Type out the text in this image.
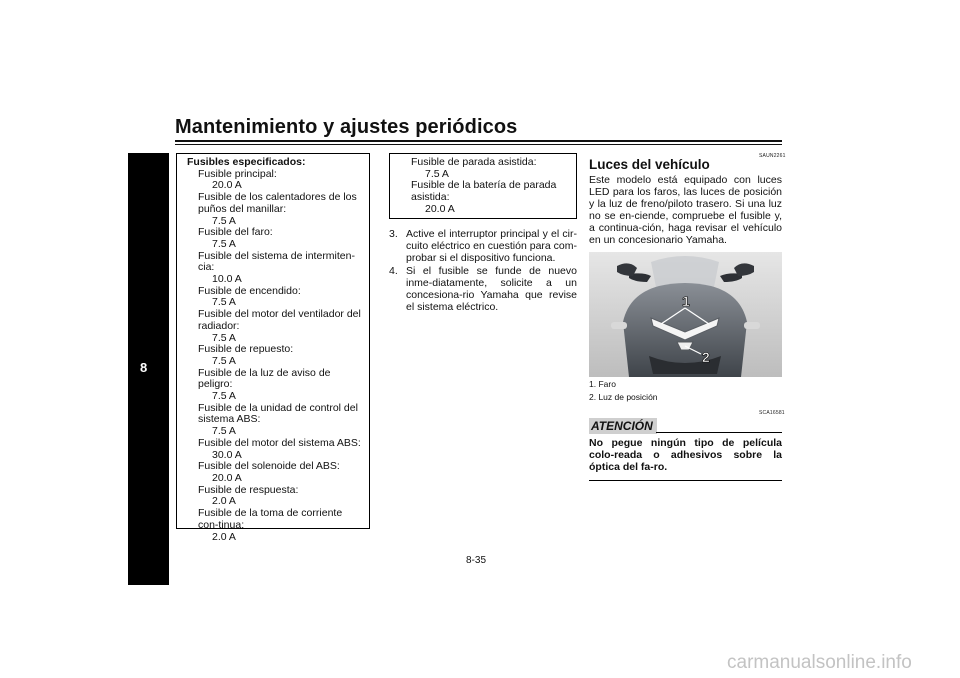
Mantenimiento y ajustes periódicos
8
Fusibles especificados:
Fusible principal:
20.0 A
Fusible de los calentadores de los puños del manillar:
7.5 A
Fusible del faro:
7.5 A
Fusible del sistema de intermiten-cia:
10.0 A
Fusible de encendido:
7.5 A
Fusible del motor del ventilador del radiador:
7.5 A
Fusible de repuesto:
7.5 A
Fusible de la luz de aviso de peligro:
7.5 A
Fusible de la unidad de control del sistema ABS:
7.5 A
Fusible del motor del sistema ABS:
30.0 A
Fusible del solenoide del ABS:
20.0 A
Fusible de respuesta:
2.0 A
Fusible de la toma de corriente con-tinua:
2.0 A
Fusible de parada asistida:
7.5 A
Fusible de la batería de parada asistida:
20.0 A
3. Active el interruptor principal y el cir-cuito eléctrico en cuestión para com-probar si el dispositivo funciona.
4. Si el fusible se funde de nuevo inme-diatamente, solicite a un concesiona-rio Yamaha que revise el sistema eléctrico.
SAUN2261
Luces del vehículo
Este modelo está equipado con luces LED para los faros, las luces de posición y la luz de freno/piloto trasero. Si una luz no se en-ciende, compruebe el fusible y, a continua-ción, haga revisar el vehículo en un concesionario Yamaha.
1
2
1. Faro
2. Luz de posición
SCA16581
ATENCIÓN
No pegue ningún tipo de película colo-reada o adhesivos sobre la óptica del fa-ro.
8-35
carmanualsonline.info
